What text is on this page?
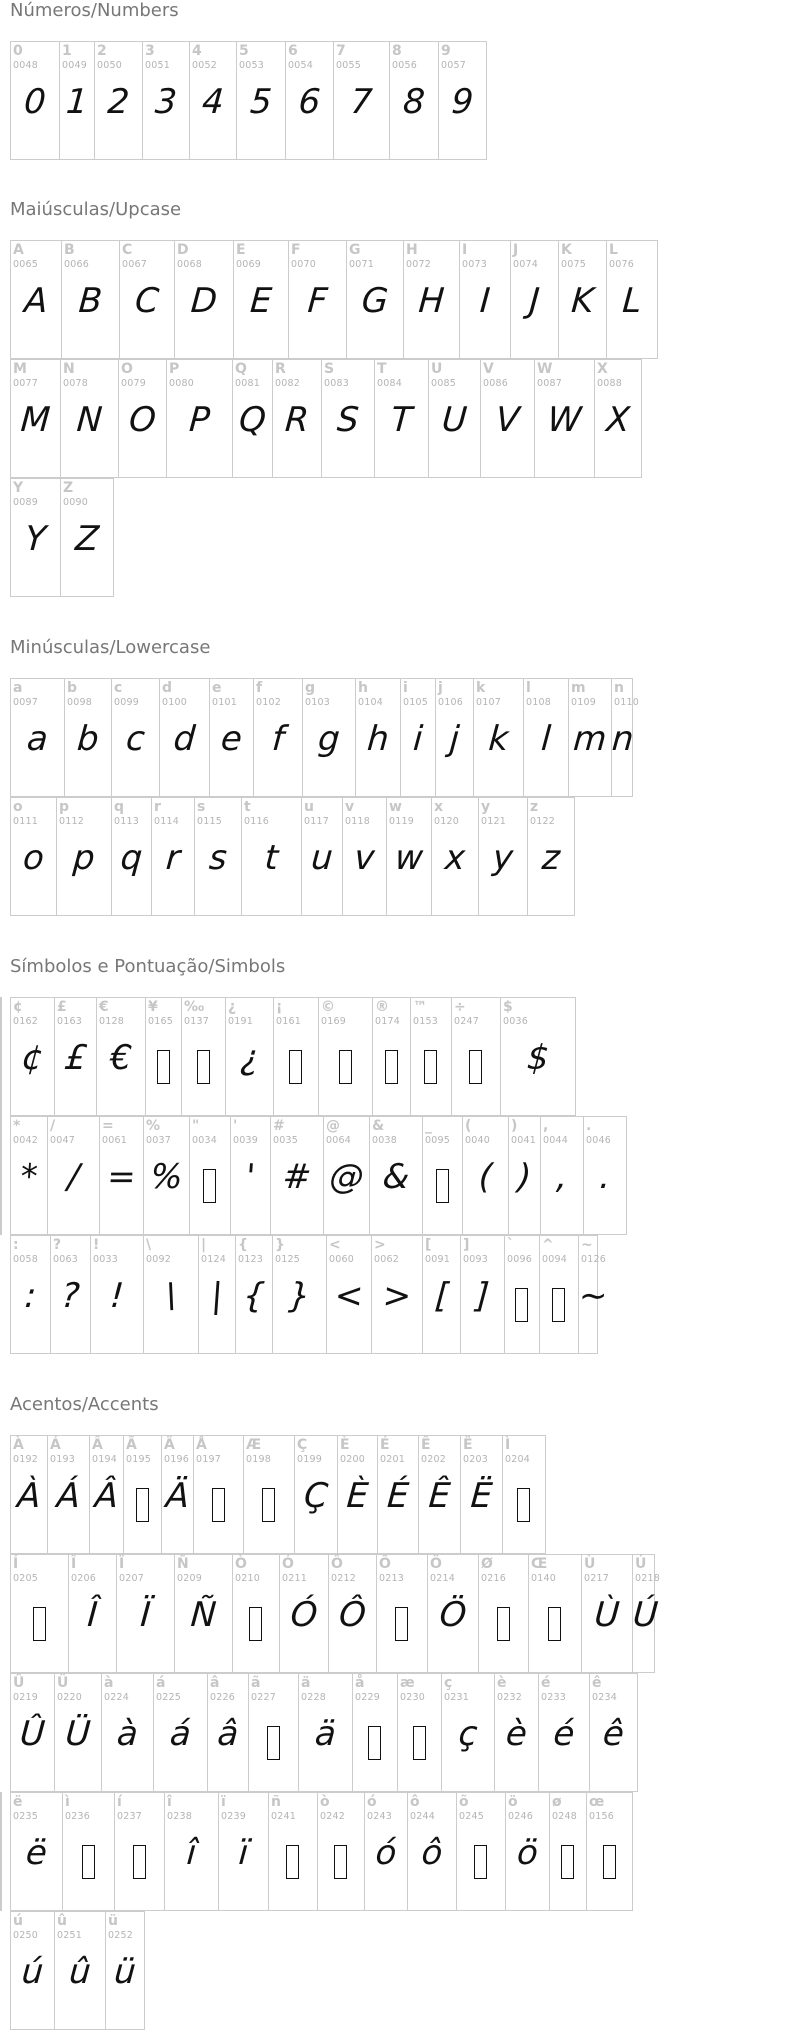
Números/Numbers
0
0048
0
1
0049
1
2
0050
2
3
0051
3
4
0052
4
5
0053
5
6
0054
6
7
0055
7
8
0056
8
9
0057
9
Maiúsculas/Upcase
A
0065
A
B
0066
B
C
0067
C
D
0068
D
E
0069
E
F
0070
F
G
0071
G
H
0072
H
I
0073
I
J
0074
J
K
0075
K
L
0076
L
M
0077
M
N
0078
N
O
0079
O
P
0080
P
Q
0081
Q
R
0082
R
S
0083
S
T
0084
T
U
0085
U
V
0086
V
W
0087
W
X
0088
X
Y
0089
Y
Z
0090
Z
Minúsculas/Lowercase
a
0097
a
b
0098
b
c
0099
c
d
0100
d
e
0101
e
f
0102
f
g
0103
g
h
0104
h
i
0105
i
j
0106
j
k
0107
k
l
0108
l
m
0109
m
n
0110
n
o
0111
o
p
0112
p
q
0113
q
r
0114
r
s
0115
s
t
0116
t
u
0117
u
v
0118
v
w
0119
w
x
0120
x
y
0121
y
z
0122
z
Símbolos e Pontuação/Simbols
¢
0162
¢
£
0163
£
€
0128
€
¥
0165
‰
0137
¿
0191
¿
¡
0161
©
0169
®
0174
™
0153
÷
0247
$
0036
$
–
*
0042
*
/
0047
/
=
0061
=
%
0037
%
"
0034
'
0039
'
#
0035
#
@
0064
@
&
0038
&
_
0095
(
0040
(
)
0041
)
,
0044
,
.
0046
.
;
:
0058
:
?
0063
?
!
0033
!
\
0092
\
|
0124
|
{
0123
{
}
0125
}
<
0060
<
>
0062
>
[
0091
[
]
0093
]
`
0096
^
0094
~
0126
~
Acentos/Accents
À
0192
À
Á
0193
Á
Â
0194
Â
Ã
0195
Ä
0196
Ä
Å
0197
Æ
0198
Ç
0199
Ç
È
0200
È
É
0201
É
Ê
0202
Ê
Ë
0203
Ë
Ì
0204
Í
0205
Î
0206
Î
Ï
0207
Ï
Ñ
0209
Ñ
Ò
0210
Ó
0211
Ó
Ô
0212
Ô
Õ
0213
Ö
0214
Ö
Ø
0216
Œ
0140
Ù
0217
Ù
Ú
0218
Ú
Û
0219
Û
Ü
0220
Ü
à
0224
à
á
0225
á
â
0226
â
ã
0227
ä
0228
ä
å
0229
æ
0230
ç
0231
ç
è
0232
è
é
0233
é
ê
0234
ê
ë
0235
ë
ì
0236
í
0237
î
0238
î
ï
0239
ï
ñ
0241
ò
0242
ó
0243
ó
ô
0244
ô
õ
0245
ö
0246
ö
ø
0248
œ
0156
ù
ú
0250
ú
û
0251
û
ü
0252
ü
